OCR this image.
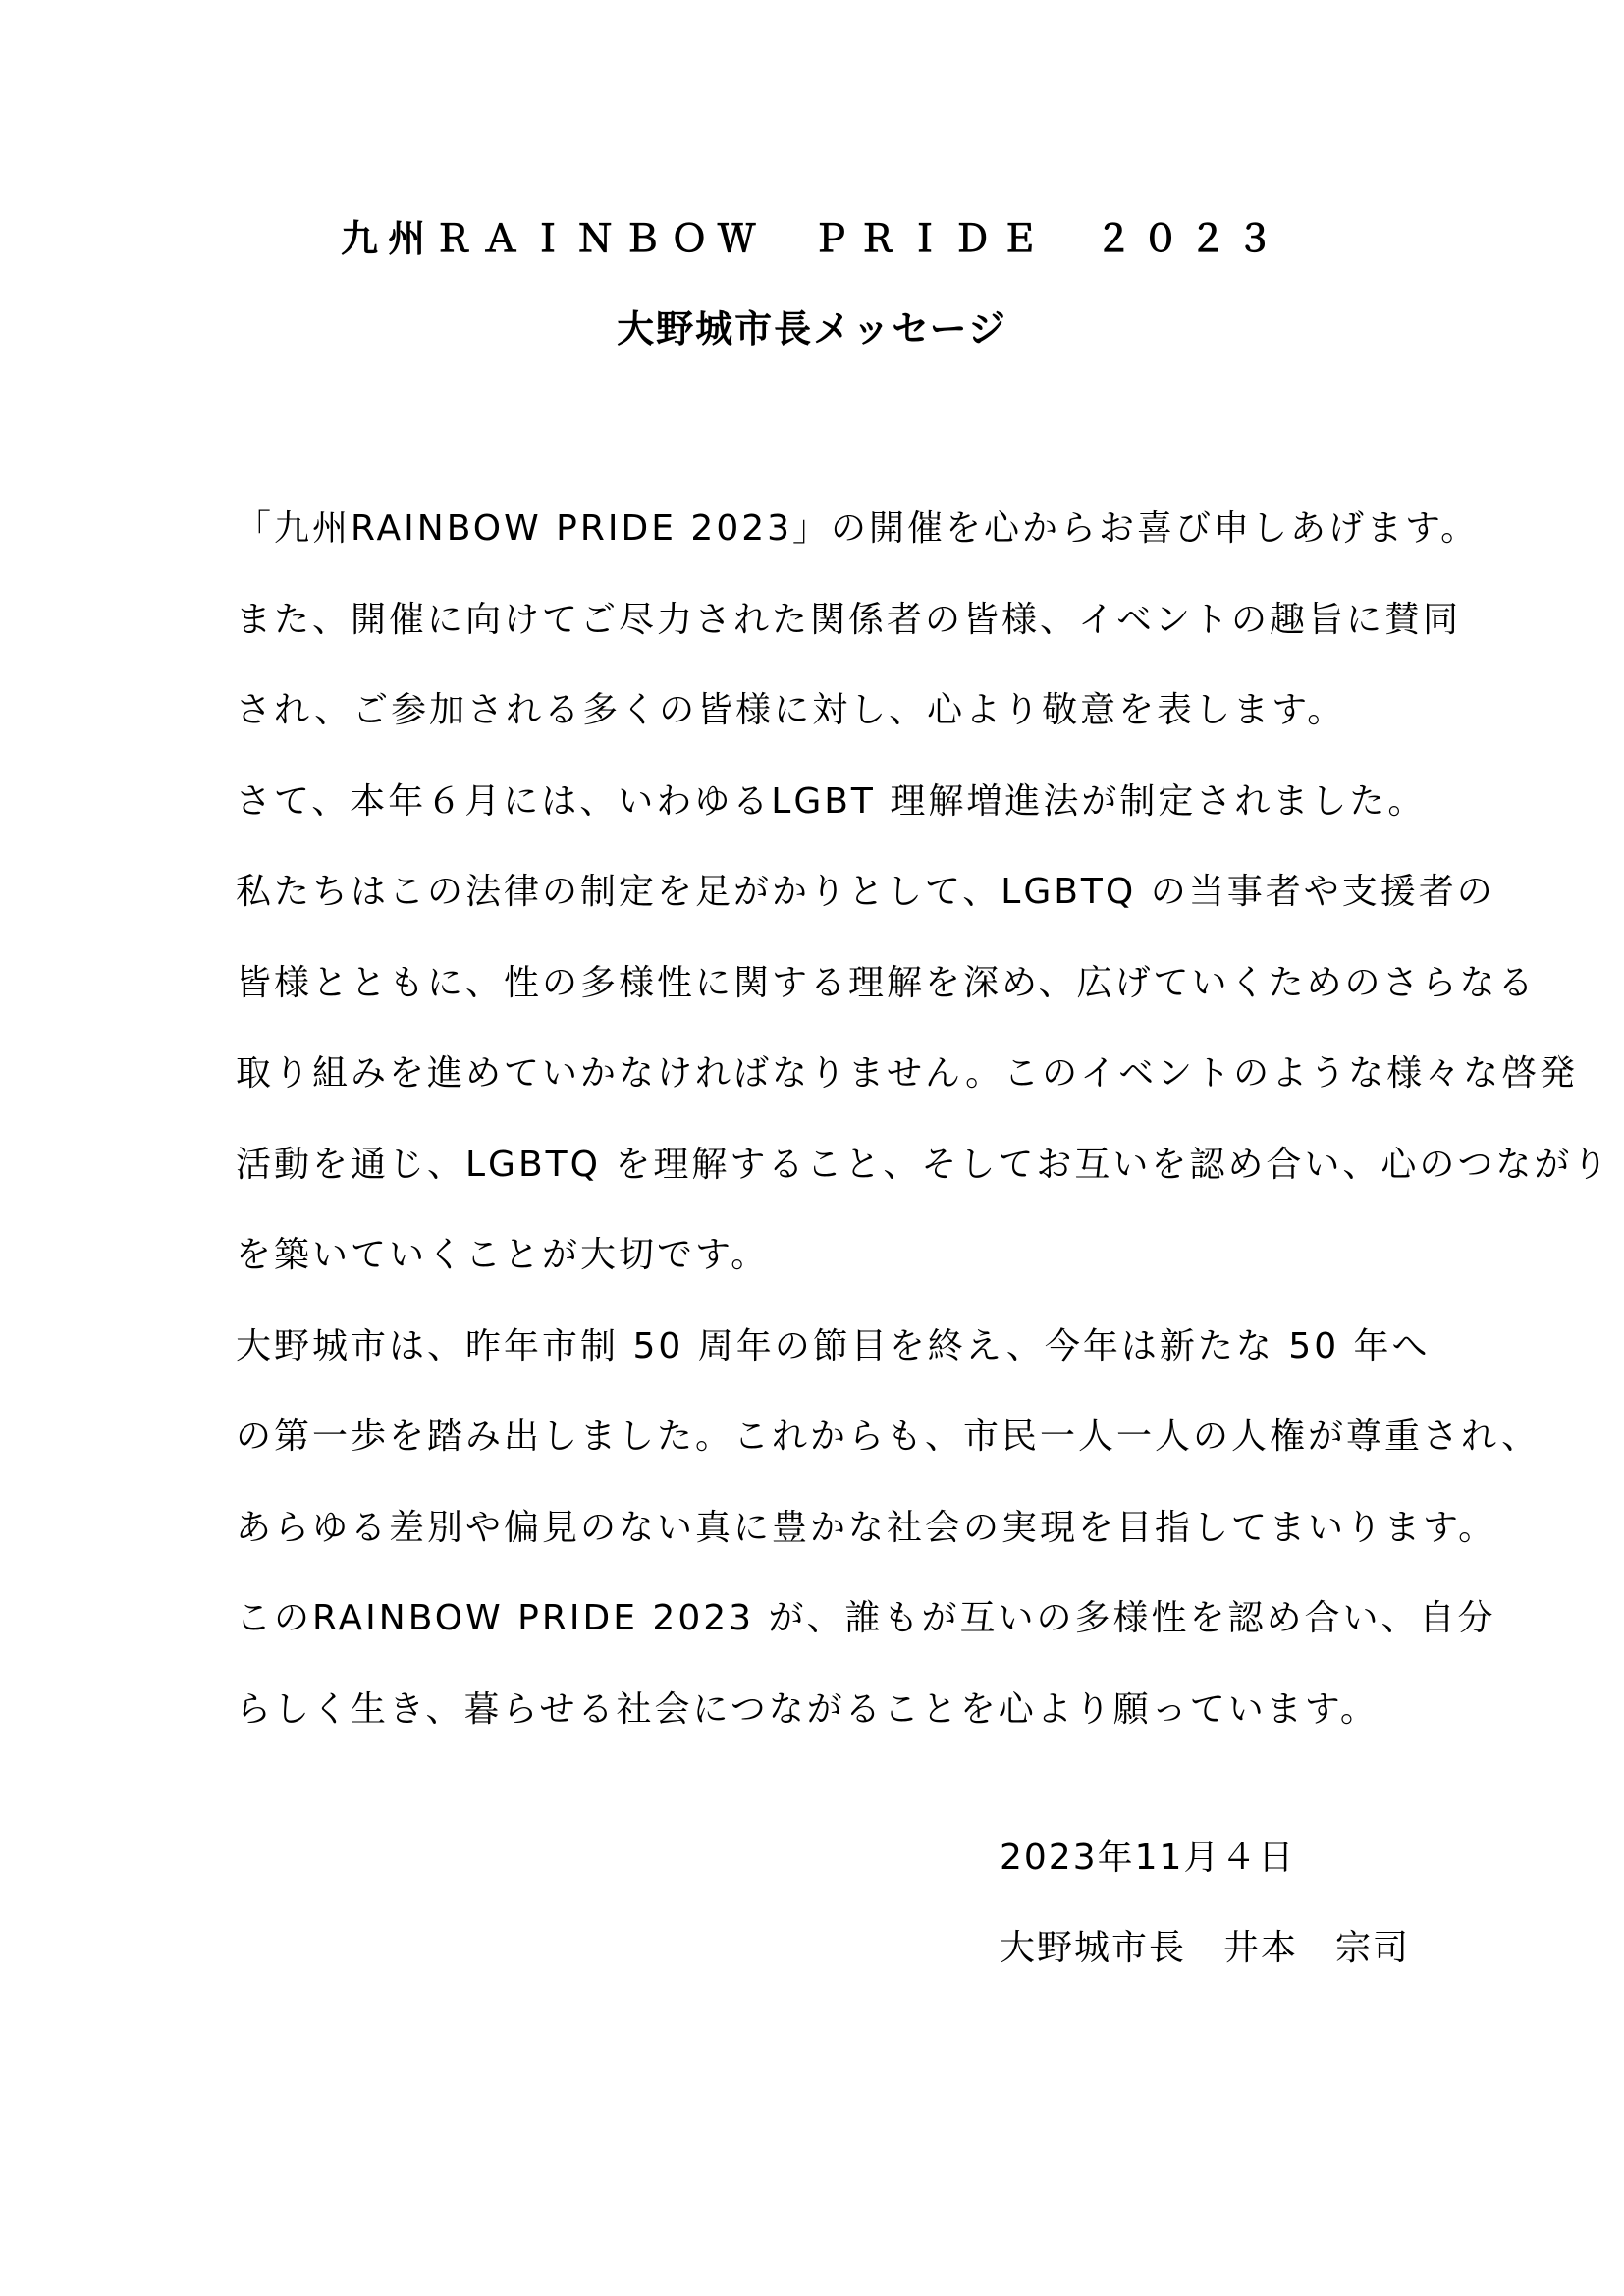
九州ＲＡＩＮＢＯＷ　ＰＲＩＤＥ　２０２３
大野城市長メッセージ

「九州RAINBOW PRIDE 2023」の開催を心からお喜び申しあげます。

また、開催に向けてご尽力された関係者の皆様、イベントの趣旨に賛同
され、ご参加される多くの皆様に対し、心より敬意を表します。

さて、本年６月には、いわゆるLGBT 理解増進法が制定されました。

私たちはこの法律の制定を足がかりとして、LGBTQ の当事者や支援者の
皆様とともに、性の多様性に関する理解を深め、広げていくためのさらなる
取り組みを進めていかなければなりません。このイベントのような様々な啓発
活動を通じ、LGBTQ を理解すること、そしてお互いを認め合い、心のつながり
を築いていくことが大切です。

大野城市は、昨年市制 50 周年の節目を終え、今年は新たな 50 年へ
の第一歩を踏み出しました。これからも、市民一人一人の人権が尊重され、
あらゆる差別や偏見のない真に豊かな社会の実現を目指してまいります。

このRAINBOW PRIDE 2023 が、誰もが互いの多様性を認め合い、自分
らしく生き、暮らせる社会につながることを心より願っています。

2023年11月４日
大野城市長　井本　宗司
